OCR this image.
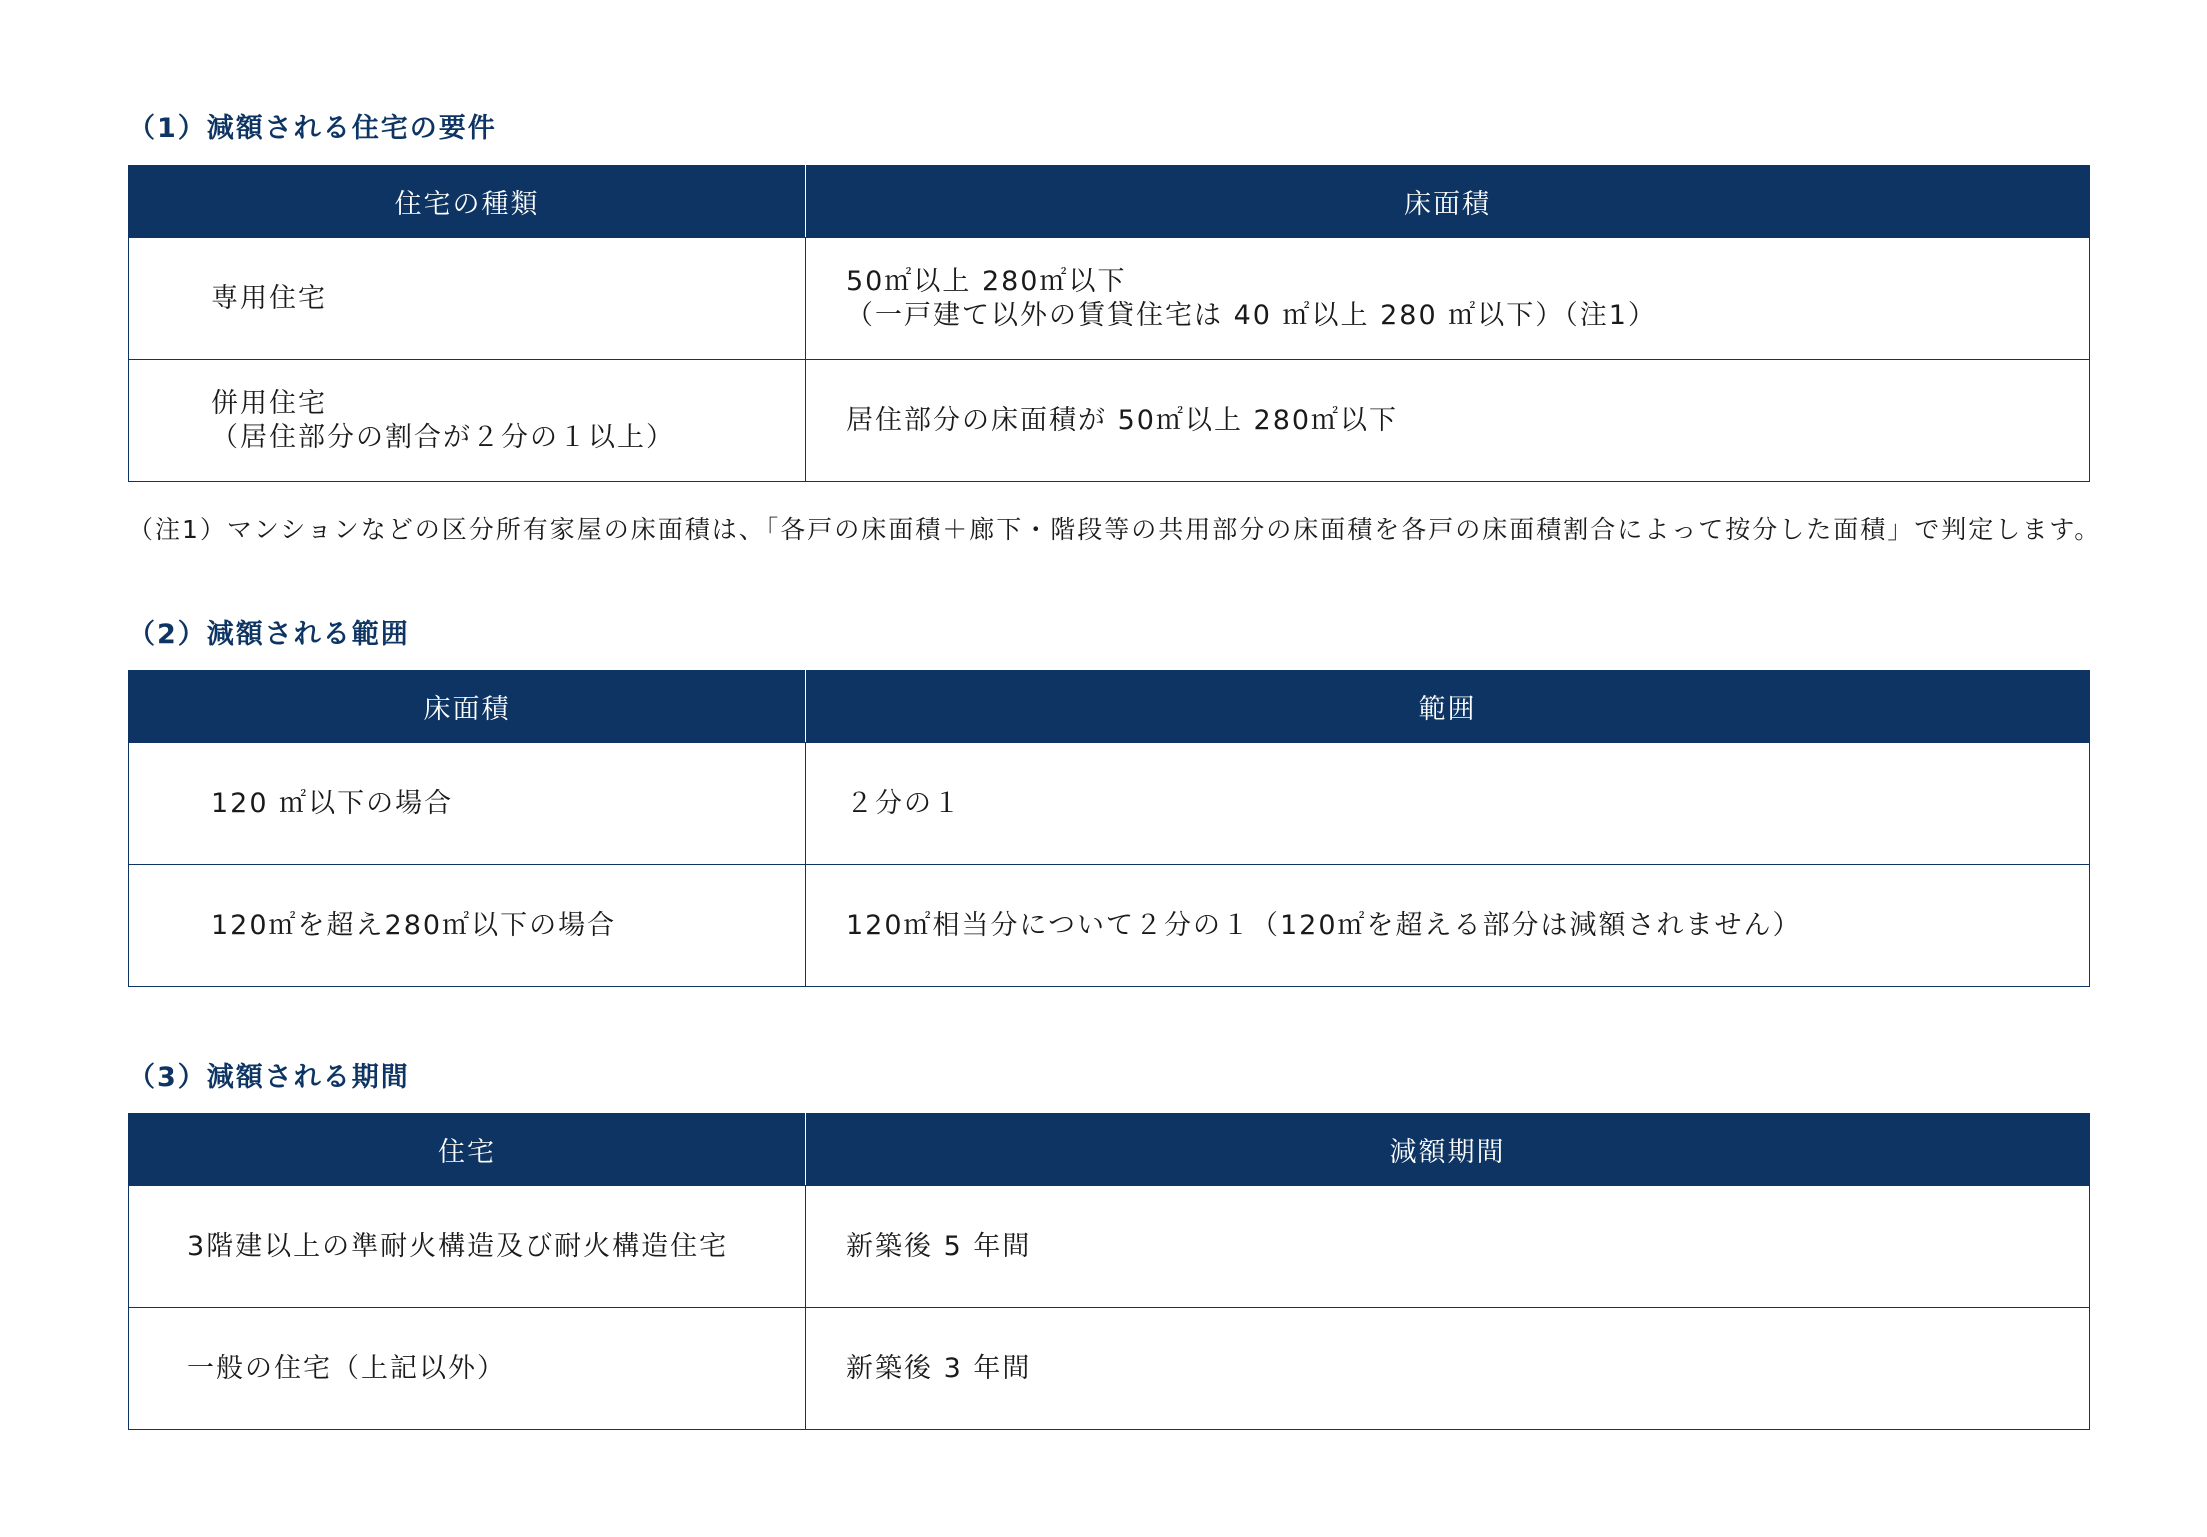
（1）減額される住宅の要件
住宅の種類	床面積

専用住宅	50㎡以上 280㎡以下
（一戸建て以外の賃貸住宅は 40 ㎡以上 280 ㎡以下）（注1）

併用住宅
（居住部分の割合が２分の１以上）	居住部分の床面積が 50㎡以上 280㎡以下
（注1）マンションなどの区分所有家屋の床面積は、「各戸の床面積＋廊下・階段等の共用部分の床面積を各戸の床面積割合によって按分した面積」で判定します。
（2）減額される範囲
床面積	範囲

120 ㎡以下の場合	２分の１

120㎡を超え280㎡以下の場合	120㎡相当分について２分の１（120㎡を超える部分は減額されません）
（3）減額される期間
住宅	減額期間

3階建以上の準耐火構造及び耐火構造住宅	新築後 5 年間

一般の住宅（上記以外）	新築後 3 年間
